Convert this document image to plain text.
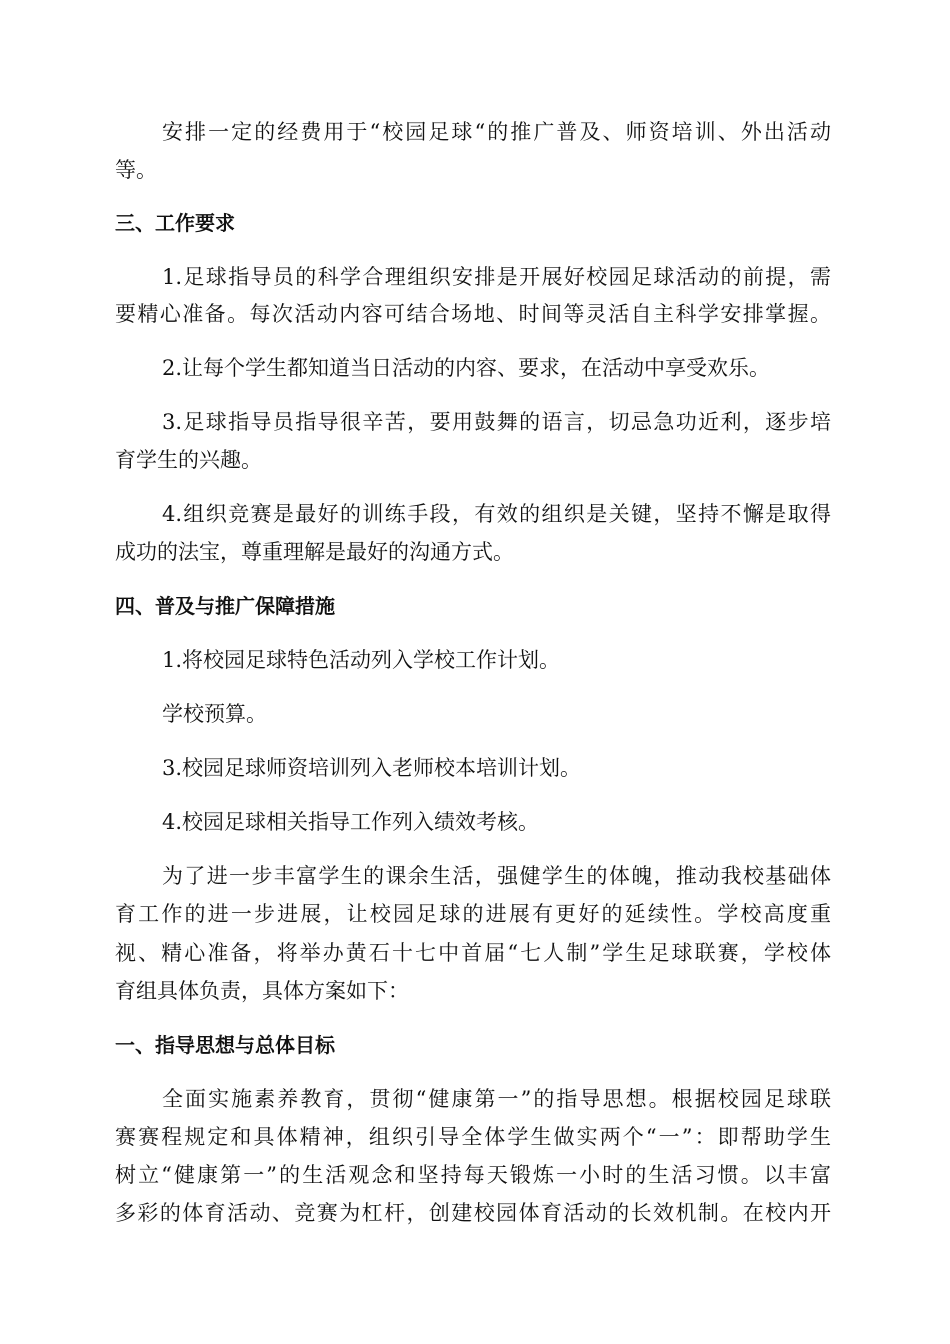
安排一定的经费用于“校园足球“的推广普及、师资培训、外出活动
等。
三、工作要求
1.足球指导员的科学合理组织安排是开展好校园足球活动的前提，需
要精心准备。每次活动内容可结合场地、时间等灵活自主科学安排掌握。
2.让每个学生都知道当日活动的内容、要求，在活动中享受欢乐。
3.足球指导员指导很辛苦，要用鼓舞的语言，切忌急功近利，逐步培
育学生的兴趣。
4.组织竞赛是最好的训练手段，有效的组织是关键，坚持不懈是取得
成功的法宝，尊重理解是最好的沟通方式。
四、普及与推广保障措施
1.将校园足球特色活动列入学校工作计划。
学校预算。
3.校园足球师资培训列入老师校本培训计划。
4.校园足球相关指导工作列入绩效考核。
为了进一步丰富学生的课余生活，强健学生的体魄，推动我校基础体
育工作的进一步进展，让校园足球的进展有更好的延续性。学校高度重
视、精心准备，将举办黄石十七中首届“七人制”学生足球联赛，学校体
育组具体负责，具体方案如下：
一、指导思想与总体目标
全面实施素养教育，贯彻“健康第一”的指导思想。根据校园足球联
赛赛程规定和具体精神，组织引导全体学生做实两个“一”：即帮助学生
树立“健康第一”的生活观念和坚持每天锻炼一小时的生活习惯。以丰富
多彩的体育活动、竞赛为杠杆，创建校园体育活动的长效机制。在校内开
